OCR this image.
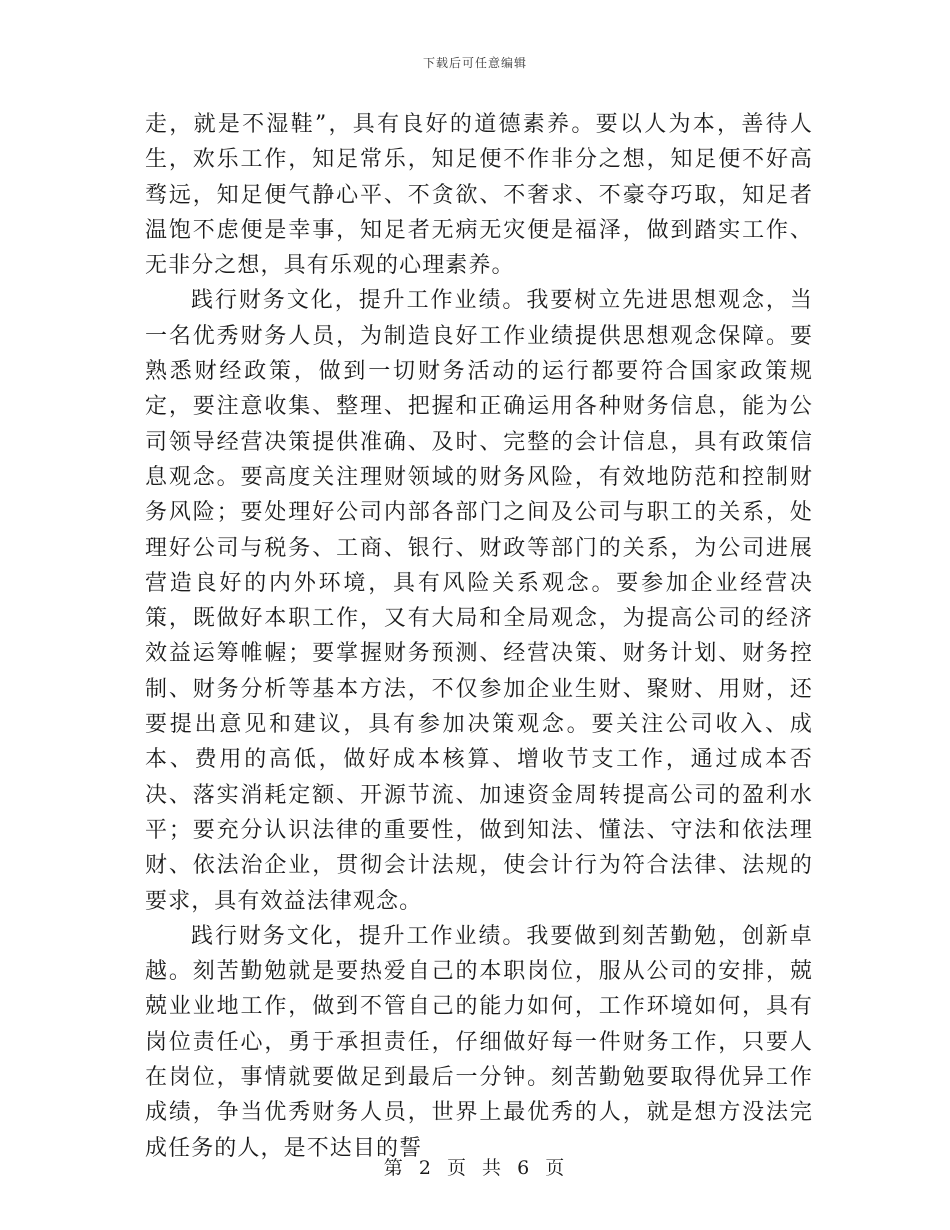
下载后可任意编辑

走，就是不湿鞋”，具有良好的道德素养。要以人为本，善待人生，欢乐工作，知足常乐，知足便不作非分之想，知足便不好高骛远，知足便气静心平、不贪欲、不奢求、不豪夺巧取，知足者温饱不虑便是幸事，知足者无病无灾便是福泽，做到踏实工作、无非分之想，具有乐观的心理素养。

践行财务文化，提升工作业绩。我要树立先进思想观念，当一名优秀财务人员，为制造良好工作业绩提供思想观念保障。要熟悉财经政策，做到一切财务活动的运行都要符合国家政策规定，要注意收集、整理、把握和正确运用各种财务信息，能为公司领导经营决策提供准确、及时、完整的会计信息，具有政策信息观念。要高度关注理财领域的财务风险，有效地防范和控制财务风险；要处理好公司内部各部门之间及公司与职工的关系，处理好公司与税务、工商、银行、财政等部门的关系，为公司进展营造良好的内外环境，具有风险关系观念。要参加企业经营决策，既做好本职工作，又有大局和全局观念，为提高公司的经济效益运筹帷幄；要掌握财务预测、经营决策、财务计划、财务控制、财务分析等基本方法，不仅参加企业生财、聚财、用财，还要提出意见和建议，具有参加决策观念。要关注公司收入、成本、费用的高低，做好成本核算、增收节支工作，通过成本否决、落实消耗定额、开源节流、加速资金周转提高公司的盈利水平；要充分认识法律的重要性，做到知法、懂法、守法和依法理财、依法治企业，贯彻会计法规，使会计行为符合法律、法规的要求，具有效益法律观念。

践行财务文化，提升工作业绩。我要做到刻苦勤勉，创新卓越。刻苦勤勉就是要热爱自己的本职岗位，服从公司的安排，兢兢业业地工作，做到不管自己的能力如何，工作环境如何，具有岗位责任心，勇于承担责任，仔细做好每一件财务工作，只要人在岗位，事情就要做足到最后一分钟。刻苦勤勉要取得优异工作成绩，争当优秀财务人员，世界上最优秀的人，就是想方没法完成任务的人，是不达目的誓

第 2 页 共 6 页
